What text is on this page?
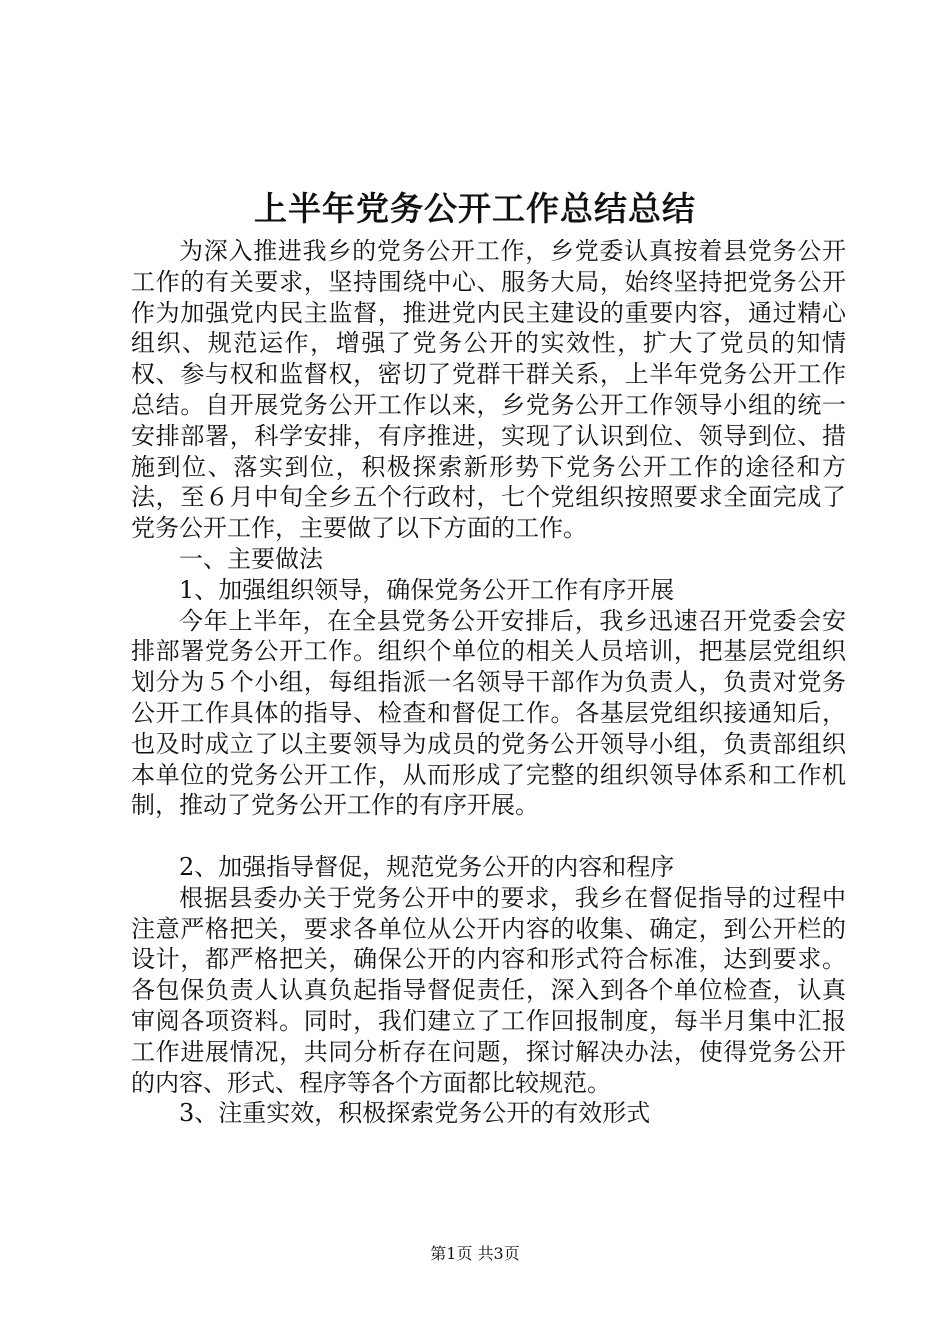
上半年党务公开工作总结总结

为深入推进我乡的党务公开工作，乡党委认真按着县党务公开工作的有关要求，坚持围绕中心、服务大局，始终坚持把党务公开作为加强党内民主监督，推进党内民主建设的重要内容，通过精心组织、规范运作，增强了党务公开的实效性，扩大了党员的知情权、参与权和监督权，密切了党群干群关系，上半年党务公开工作总结。自开展党务公开工作以来，乡党务公开工作领导小组的统一安排部署，科学安排，有序推进，实现了认识到位、领导到位、措施到位、落实到位，积极探索新形势下党务公开工作的途径和方法，至６月中旬全乡五个行政村，七个党组织按照要求全面完成了党务公开工作，主要做了以下方面的工作。

一、主要做法

1、加强组织领导，确保党务公开工作有序开展

今年上半年，在全县党务公开安排后，我乡迅速召开党委会安排部署党务公开工作。组织个单位的相关人员培训，把基层党组织划分为５个小组，每组指派一名领导干部作为负责人，负责对党务公开工作具体的指导、检查和督促工作。各基层党组织接通知后，也及时成立了以主要领导为成员的党务公开领导小组，负责部组织本单位的党务公开工作，从而形成了完整的组织领导体系和工作机制，推动了党务公开工作的有序开展。

2、加强指导督促，规范党务公开的内容和程序

根据县委办关于党务公开中的要求，我乡在督促指导的过程中注意严格把关，要求各单位从公开内容的收集、确定，到公开栏的设计，都严格把关，确保公开的内容和形式符合标准，达到要求。各包保负责人认真负起指导督促责任，深入到各个单位检查，认真审阅各项资料。同时，我们建立了工作回报制度，每半月集中汇报工作进展情况，共同分析存在问题，探讨解决办法，使得党务公开的内容、形式、程序等各个方面都比较规范。

3、注重实效，积极探索党务公开的有效形式

第1页 共3页
